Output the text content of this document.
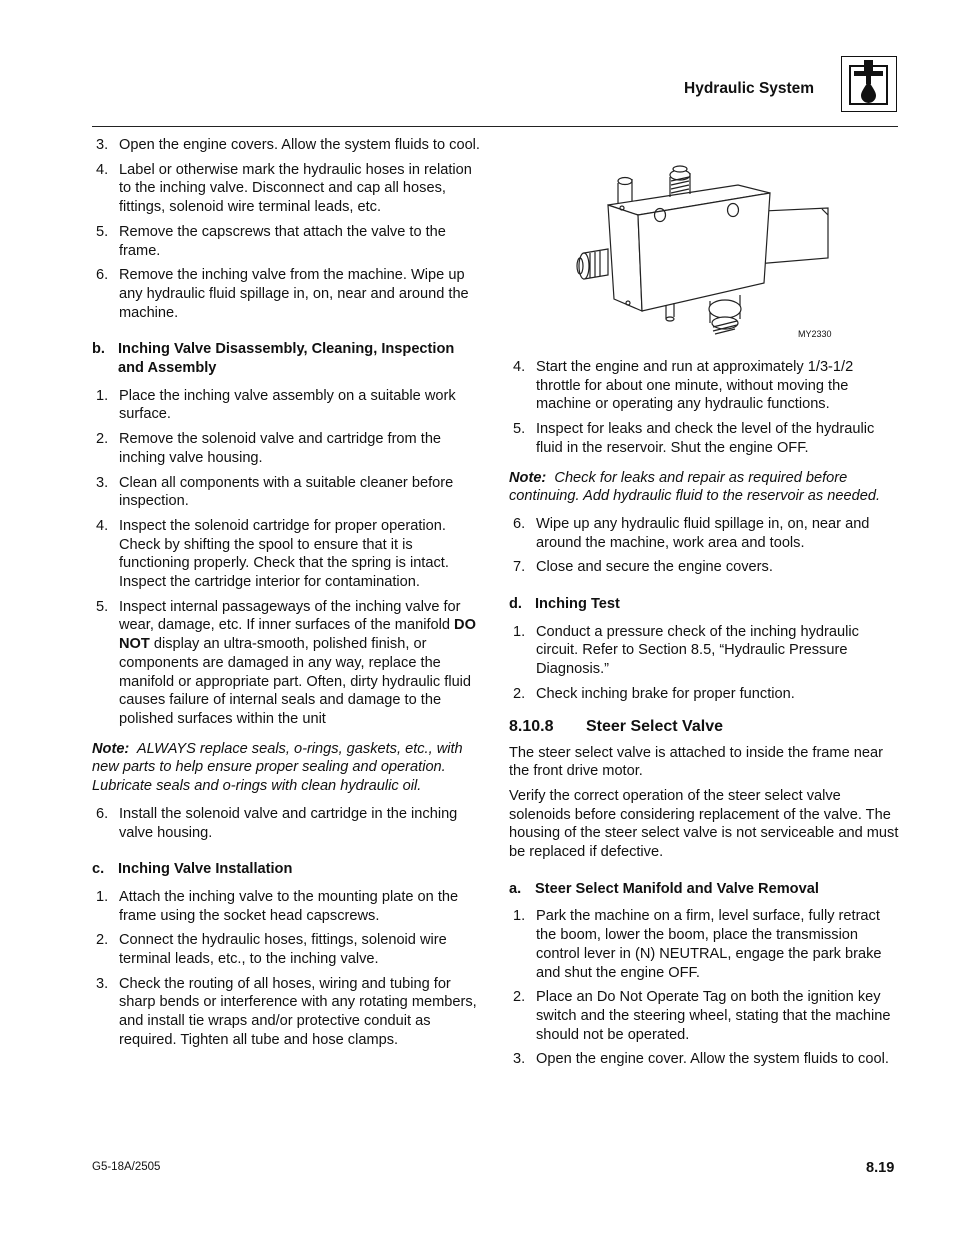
Hydraulic System
3. Open the engine covers. Allow the system fluids to cool.
4. Label or otherwise mark the hydraulic hoses in relation to the inching valve. Disconnect and cap all hoses, fittings, solenoid wire terminal leads, etc.
5. Remove the capscrews that attach the valve to the frame.
6. Remove the inching valve from the machine. Wipe up any hydraulic fluid spillage in, on, near and around the machine.
b. Inching Valve Disassembly, Cleaning, Inspection and Assembly
1. Place the inching valve assembly on a suitable work surface.
2. Remove the solenoid valve and cartridge from the inching valve housing.
3. Clean all components with a suitable cleaner before inspection.
4. Inspect the solenoid cartridge for proper operation. Check by shifting the spool to ensure that it is functioning properly. Check that the spring is intact. Inspect the cartridge interior for contamination.
5. Inspect internal passageways of the inching valve for wear, damage, etc. If inner surfaces of the manifold DO NOT display an ultra-smooth, polished finish, or components are damaged in any way, replace the manifold or appropriate part. Often, dirty hydraulic fluid causes failure of internal seals and damage to the polished surfaces within the unit
Note: ALWAYS replace seals, o-rings, gaskets, etc., with new parts to help ensure proper sealing and operation. Lubricate seals and o-rings with clean hydraulic oil.
6. Install the solenoid valve and cartridge in the inching valve housing.
c. Inching Valve Installation
1. Attach the inching valve to the mounting plate on the frame using the socket head capscrews.
2. Connect the hydraulic hoses, fittings, solenoid wire terminal leads, etc., to the inching valve.
3. Check the routing of all hoses, wiring and tubing for sharp bends or interference with any rotating members, and install tie wraps and/or protective conduit as required. Tighten all tube and hose clamps.
MY2330
4. Start the engine and run at approximately 1/3-1/2 throttle for about one minute, without moving the machine or operating any hydraulic functions.
5. Inspect for leaks and check the level of the hydraulic fluid in the reservoir. Shut the engine OFF.
Note: Check for leaks and repair as required before continuing. Add hydraulic fluid to the reservoir as needed.
6. Wipe up any hydraulic fluid spillage in, on, near and around the machine, work area and tools.
7. Close and secure the engine covers.
d. Inching Test
1. Conduct a pressure check of the inching hydraulic circuit. Refer to Section 8.5, “Hydraulic Pressure Diagnosis.”
2. Check inching brake for proper function.
8.10.8 Steer Select Valve
The steer select valve is attached to inside the frame near the front drive motor.
Verify the correct operation of the steer select valve solenoids before considering replacement of the valve. The housing of the steer select valve is not serviceable and must be replaced if defective.
a. Steer Select Manifold and Valve Removal
1. Park the machine on a firm, level surface, fully retract the boom, lower the boom, place the transmission control lever in (N) NEUTRAL, engage the park brake and shut the engine OFF.
2. Place an Do Not Operate Tag on both the ignition key switch and the steering wheel, stating that the machine should not be operated.
3. Open the engine cover. Allow the system fluids to cool.
G5-18A/2505	8.19
